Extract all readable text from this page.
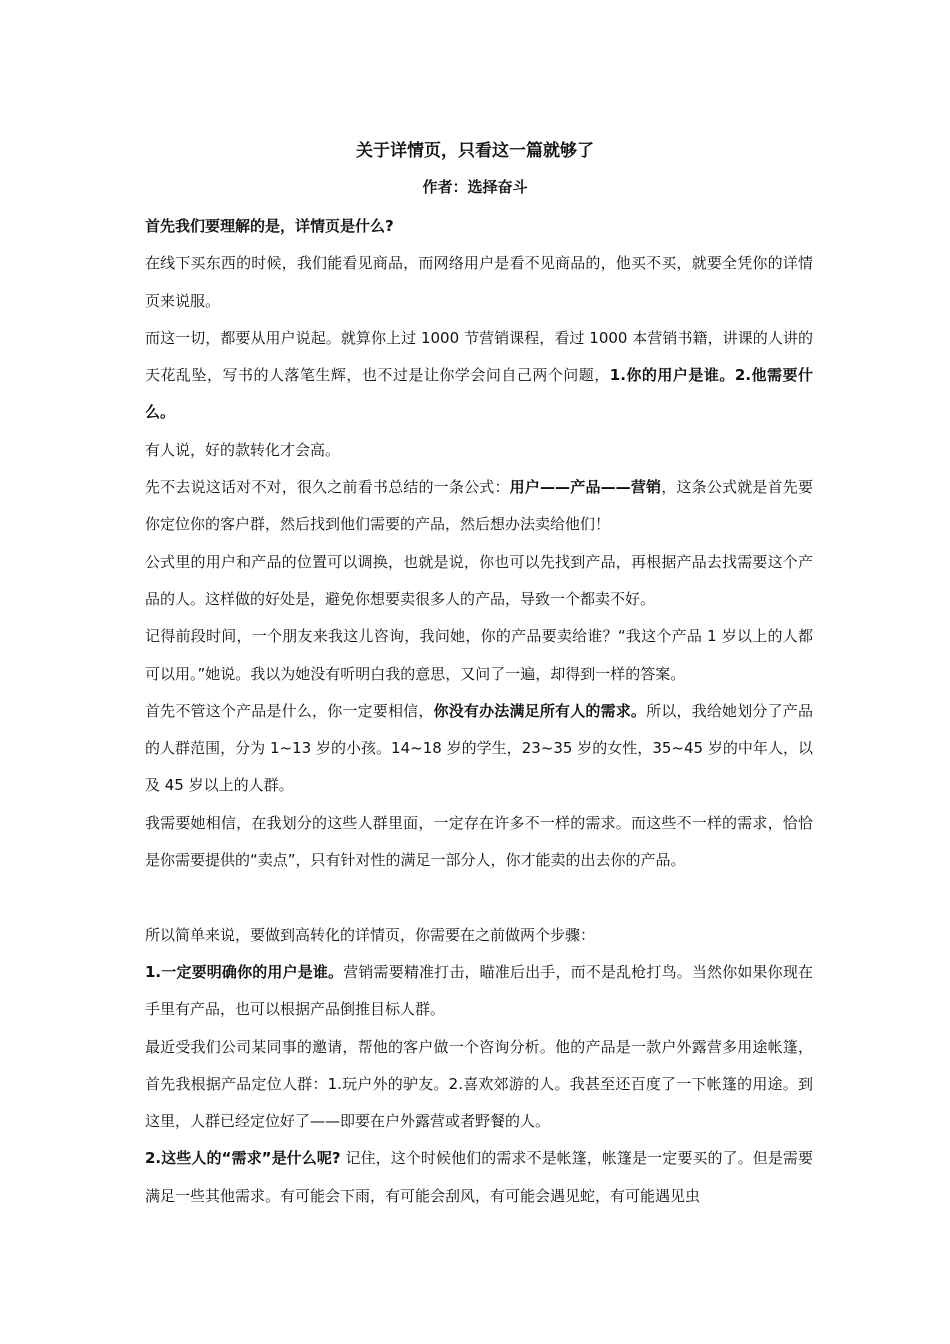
关于详情页，只看这一篇就够了
作者：选择奋斗

首先我们要理解的是，详情页是什么?

在线下买东西的时候，我们能看见商品，而网络用户是看不见商品的，他买不买，就要全凭你的详情页来说服。

而这一切，都要从用户说起。就算你上过 1000 节营销课程，看过 1000 本营销书籍，讲课的人讲的天花乱坠，写书的人落笔生辉，也不过是让你学会问自己两个问题，1.你的用户是谁。2.他需要什么。

有人说，好的款转化才会高。

先不去说这话对不对，很久之前看书总结的一条公式：用户——产品——营销，这条公式就是首先要你定位你的客户群，然后找到他们需要的产品，然后想办法卖给他们！

公式里的用户和产品的位置可以调换，也就是说，你也可以先找到产品，再根据产品去找需要这个产品的人。这样做的好处是，避免你想要卖很多人的产品，导致一个都卖不好。

记得前段时间，一个朋友来我这儿咨询，我问她，你的产品要卖给谁？“我这个产品 1 岁以上的人都可以用。”她说。我以为她没有听明白我的意思，又问了一遍，却得到一样的答案。

首先不管这个产品是什么，你一定要相信，你没有办法满足所有人的需求。所以，我给她划分了产品的人群范围，分为 1~13 岁的小孩。14~18 岁的学生，23~35 岁的女性，35~45 岁的中年人，以及 45 岁以上的人群。

我需要她相信，在我划分的这些人群里面，一定存在许多不一样的需求。而这些不一样的需求，恰恰是你需要提供的“卖点”，只有针对性的满足一部分人，你才能卖的出去你的产品。

所以简单来说，要做到高转化的详情页，你需要在之前做两个步骤：

1.一定要明确你的用户是谁。营销需要精准打击，瞄准后出手，而不是乱枪打鸟。当然你如果你现在手里有产品，也可以根据产品倒推目标人群。

最近受我们公司某同事的邀请，帮他的客户做一个咨询分析。他的产品是一款户外露营多用途帐篷，首先我根据产品定位人群：1.玩户外的驴友。2.喜欢郊游的人。我甚至还百度了一下帐篷的用途。到这里，人群已经定位好了——即要在户外露营或者野餐的人。

2.这些人的“需求”是什么呢? 记住，这个时候他们的需求不是帐篷，帐篷是一定要买的了。但是需要满足一些其他需求。有可能会下雨，有可能会刮风，有可能会遇见蛇，有可能遇见虫
